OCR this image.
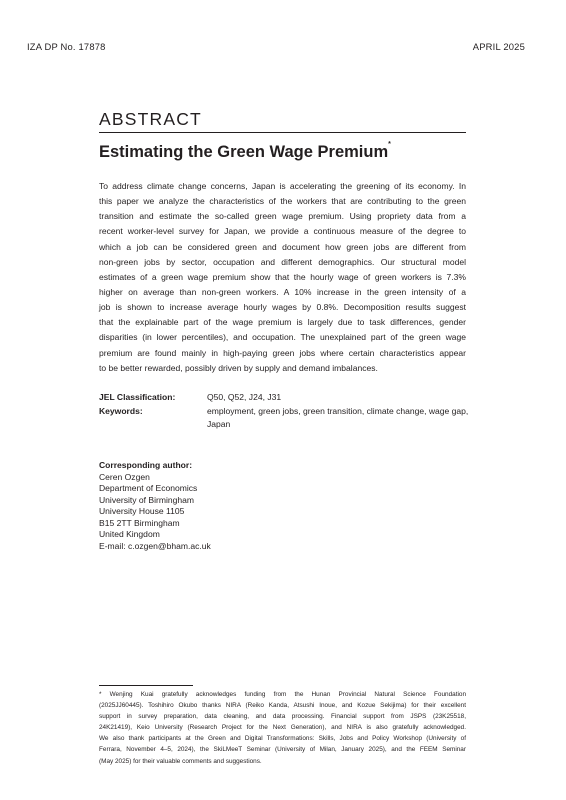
IZA DP No. 17878	APRIL 2025
ABSTRACT
Estimating the Green Wage Premium*
To address climate change concerns, Japan is accelerating the greening of its economy. In
this paper we analyze the characteristics of the workers that are contributing to the green
transition and estimate the so-called green wage premium. Using propriety data from a
recent worker-level survey for Japan, we provide a continuous measure of the degree to
which a job can be considered green and document how green jobs are different from
non-green jobs by sector, occupation and different demographics. Our structural model
estimates of a green wage premium show that the hourly wage of green workers is 7.3%
higher on average than non-green workers. A 10% increase in the green intensity of a
job is shown to increase average hourly wages by 0.8%. Decomposition results suggest
that the explainable part of the wage premium is largely due to task differences, gender
disparities (in lower percentiles), and occupation. The unexplained part of the green wage
premium are found mainly in high-paying green jobs where certain characteristics appear
to be better rewarded, possibly driven by supply and demand imbalances.
JEL Classification:	Q50, Q52, J24, J31
Keywords:	employment, green jobs, green transition, climate change, wage gap, Japan
Corresponding author:
Ceren Ozgen
Department of Economics
University of Birmingham
University House 1105
B15 2TT Birmingham
United Kingdom
E-mail: c.ozgen@bham.ac.uk
* Wenjing Kuai gratefully acknowledges funding from the Hunan Provincial Natural Science Foundation
(2025JJ60445). Toshihiro Okubo thanks NIRA (Reiko Kanda, Atsushi Inoue, and Kozue Sekijima) for their excellent
support in survey preparation, data cleaning, and data processing. Financial support from JSPS (23K25518,
24K21419), Keio University (Research Project for the Next Generation), and NIRA is also gratefully acknowledged.
We also thank participants at the Green and Digital Transformations: Skills, Jobs and Policy Workshop (University of
Ferrara, November 4–5, 2024), the SkiLMeeT Seminar (University of Milan, January 2025), and the FEEM Seminar
(May 2025) for their valuable comments and suggestions.
